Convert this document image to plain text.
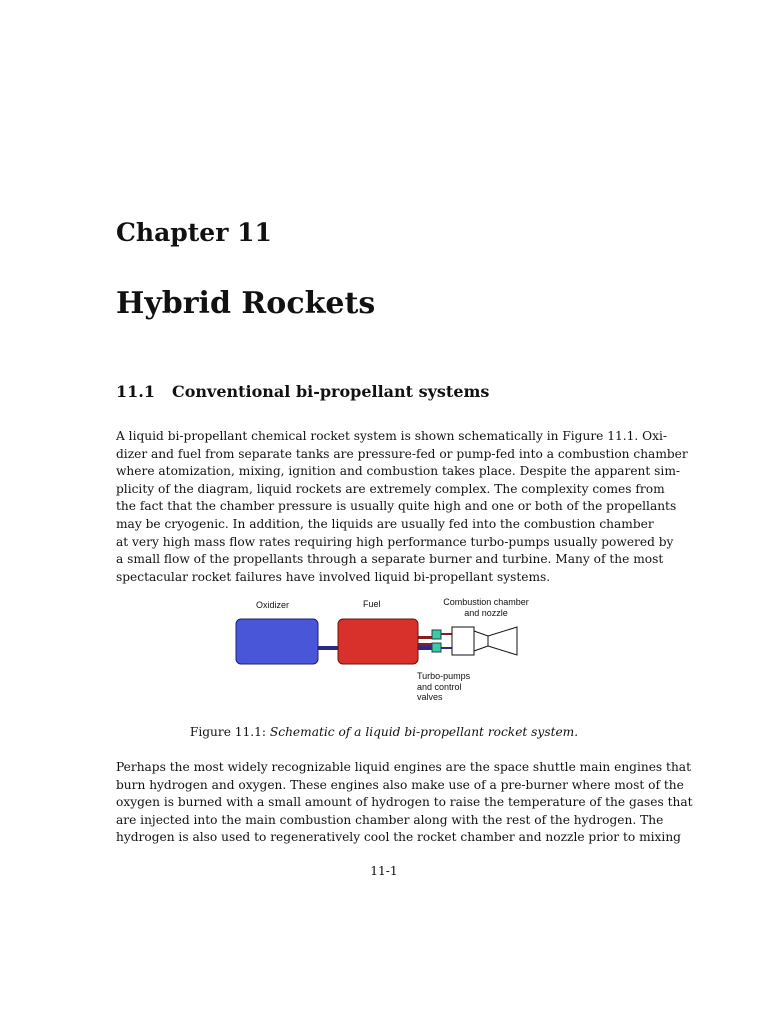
Chapter 11
Hybrid Rockets
11.1 Conventional bi-propellant systems

A liquid bi-propellant chemical rocket system is shown schematically in Figure 11.1. Oxi-
dizer and fuel from separate tanks are pressure-fed or pump-fed into a combustion chamber
where atomization, mixing, ignition and combustion takes place. Despite the apparent sim-
plicity of the diagram, liquid rockets are extremely complex. The complexity comes from
the fact that the chamber pressure is usually quite high and one or both of the propellants
may be cryogenic. In addition, the liquids are usually fed into the combustion chamber
at very high mass flow rates requiring high performance turbo-pumps usually powered by
a small flow of the propellants through a separate burner and turbine. Many of the most
spectacular rocket failures have involved liquid bi-propellant systems.

Oxidizer	Fuel	Combustion chamber
and nozzle

Turbo-pumps
and control
valves

Figure 11.1: Schematic of a liquid bi-propellant rocket system.

Perhaps the most widely recognizable liquid engines are the space shuttle main engines that
burn hydrogen and oxygen. These engines also make use of a pre-burner where most of the
oxygen is burned with a small amount of hydrogen to raise the temperature of the gases that
are injected into the main combustion chamber along with the rest of the hydrogen. The
hydrogen is also used to regeneratively cool the rocket chamber and nozzle prior to mixing

11-1
